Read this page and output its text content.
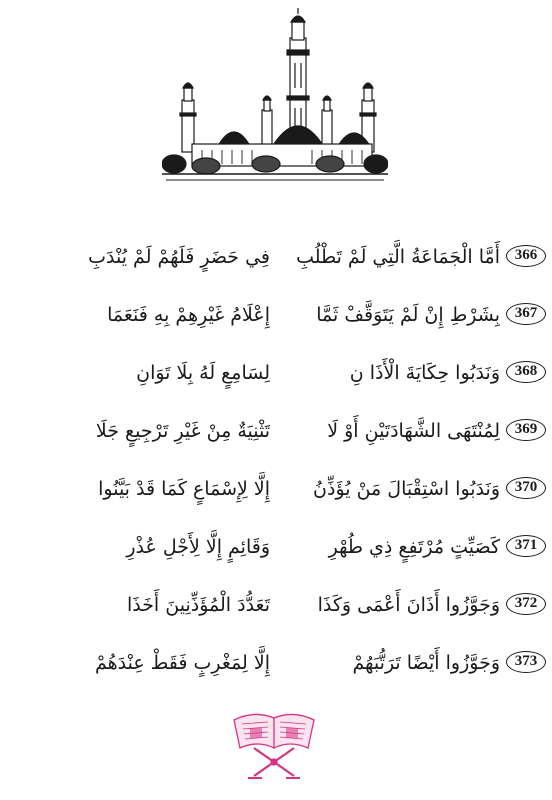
366
أَمَّا الْجَمَاعَةُ الَّتِي لَمْ تَطْلُبِ
فِي حَضَرٍ فَلَهُمْ لَمْ يُنْدَبِ
367
بِشَرْطِ إِنْ لَمْ يَتَوَقَّفْ ثَمَّا
إِعْلَامُ غَيْرِهِمْ بِهِ فَنَعَمَا
368
وَنَدَبُوا حِكَايَةَ الْأَذَا نِ
لِسَامِعٍ لَهُ بِلَا تَوَانِ
369
لِمُنْتَهَى الشَّهَادَتَيْنِ أَوْ لَا
تَثْنِيَةٌ مِنْ غَيْرِ تَرْجِيعٍ جَلَا
370
وَنَدَبُوا اسْتِقْبَالَ مَنْ يُؤَذِّنُ
إِلَّا لِإِسْمَاعٍ كَمَا قَدْ بَيَّنُوا
371
كَصَيِّتٍ مُرْتَفِعٍ ذِي طُهْرِ
وَقَائِمٍ إِلَّا لِأَجْلِ عُذْرِ
372
وَجَوَّزُوا أَذَانَ أَعْمَى وَكَذَا
تَعَدُّدَ الْمُؤَذِّنِينَ أَخَذَا
373
وَجَوَّزُوا أَيْضًا تَرَتُّبَهُمْ
إِلَّا لِمَغْرِبٍ فَقَطْ عِنْدَهُمْ
